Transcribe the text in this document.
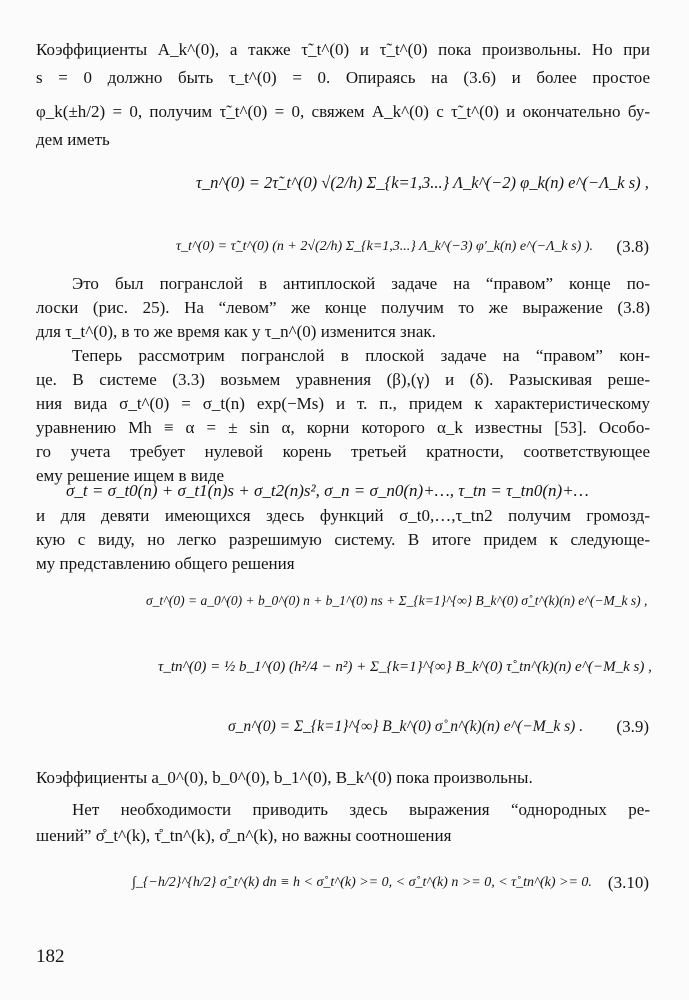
Коэффициенты A_k^(0), а также τ̃_t^(0) и τ̃_t^(0) пока произвольны. Но при
s = 0 должно быть τ_t^(0) = 0. Опираясь на (3.6) и более простое
φ_k(±h/2) = 0, получим τ̃_t^(0) = 0, свяжем A_k^(0) с τ̃_t^(0) и окончательно бу-
дем иметь
τ_n^(0) = 2τ̃_t^(0) √(2/h) Σ_{k=1,3...} Λ_k^(−2) φ_k(n) e^(−Λ_k s) ,
τ_t^(0) = τ̃_t^(0) (n + 2√(2/h) Σ_{k=1,3...} Λ_k^(−3) φ′_k(n) e^(−Λ_k s) ). (3.8)
Это был погранслой в антиплоской задаче на “правом” конце по-
лоски (рис. 25). На “левом” же конце получим то же выражение (3.8)
для τ_t^(0), в то же время как у τ_n^(0) изменится знак.
Теперь рассмотрим погранслой в плоской задаче на “правом” кон-
це. В системе (3.3) возьмем уравнения (β),(γ) и (δ). Разыскивая реше-
ния вида σ_t^(0) = σ_t(n) exp(−Ms) и т. п., придем к характеристическому
уравнению Mh ≡ α = ± sin α, корни которого α_k известны [53]. Особо-
го учета требует нулевой корень третьей кратности, соответствующее
ему решение ищем в виде
σ_t = σ_t0(n) + σ_t1(n)s + σ_t2(n)s², σ_n = σ_n0(n)+…, τ_tn = τ_tn0(n)+…
и для девяти имеющихся здесь функций σ_t0,…,τ_tn2 получим громозд-
кую с виду, но легко разрешимую систему. В итоге придем к следующе-
му представлению общего решения
σ_t^(0) = a_0^(0) + b_0^(0) n + b_1^(0) ns + Σ_{k=1}^{∞} B_k^(0) σ̊_t^(k)(n) e^(−M_k s) ,
τ_tn^(0) = ½ b_1^(0) (h²/4 − n²) + Σ_{k=1}^{∞} B_k^(0) τ̊_tn^(k)(n) e^(−M_k s) ,
σ_n^(0) = Σ_{k=1}^{∞} B_k^(0) σ̊_n^(k)(n) e^(−M_k s) . (3.9)
Коэффициенты a_0^(0), b_0^(0), b_1^(0), B_k^(0) пока произвольны.
Нет необходимости приводить здесь выражения “однородных ре-
шений” σ̊_t^(k), τ̊_tn^(k), σ̊_n^(k), но важны соотношения
∫_{−h/2}^{h/2} σ̊_t^(k) dn ≡ h < σ̊_t^(k) >= 0, < σ̊_t^(k) n >= 0, < τ̊_tn^(k) >= 0. (3.10)
182
